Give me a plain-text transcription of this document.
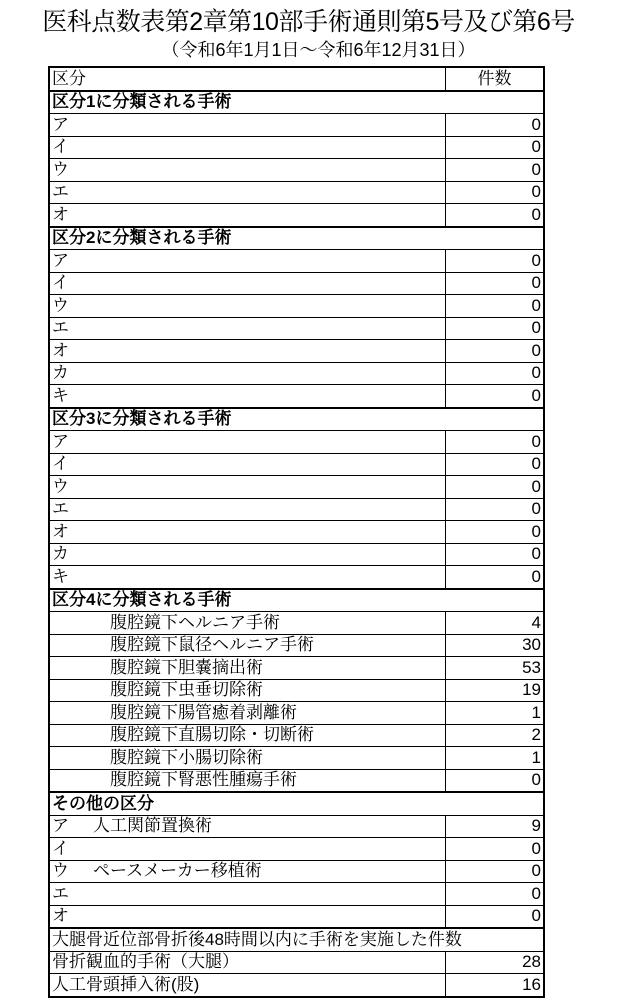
医科点数表第2章第10部手術通則第5号及び第6号
（令和6年1月1日～令和6年12月31日）
区分	件数
区分1に分類される手術	
ア	0
イ	0
ウ	0
エ	0
オ	0
区分2に分類される手術	
ア	0
イ	0
ウ	0
エ	0
オ	0
カ	0
キ	0
区分3に分類される手術	
ア	0
イ	0
ウ	0
エ	0
オ	0
カ	0
キ	0
区分4に分類される手術	
腹腔鏡下ヘルニア手術	4
腹腔鏡下鼠径ヘルニア手術	30
腹腔鏡下胆嚢摘出術	53
腹腔鏡下虫垂切除術	19
腹腔鏡下腸管癒着剥離術	1
腹腔鏡下直腸切除・切断術	2
腹腔鏡下小腸切除術	1
腹腔鏡下腎悪性腫瘍手術	0
その他の区分	
ア 人工関節置換術	9
イ	0
ウ ペースメーカー移植術	0
エ	0
オ	0
大腿骨近位部骨折後48時間以内に手術を実施した件数	
骨折観血的手術（大腿）	28
人工骨頭挿入術(股)	16
